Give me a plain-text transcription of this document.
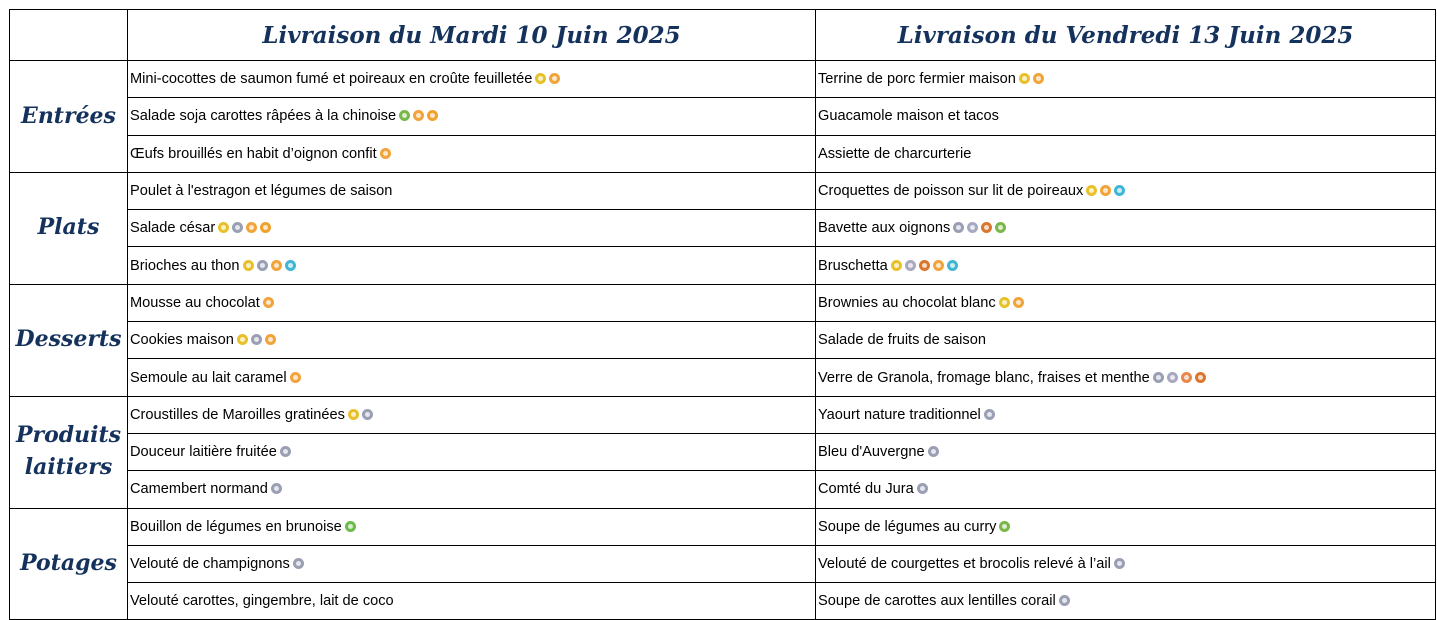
	Livraison du Mardi 10 Juin 2025	Livraison du Vendredi 13 Juin 2025
Entrées	Mini-cocottes de saumon fumé et poireaux en croûte feuilletée	Terrine de porc fermier maison
	Salade soja carottes râpées à la chinoise	Guacamole maison et tacos
	Œufs brouillés en habit d’oignon confit	Assiette de charcurterie
Plats	Poulet à l'estragon et légumes de saison	Croquettes de poisson sur lit de poireaux
	Salade césar	Bavette aux oignons
	Brioches au thon	Bruschetta
Desserts	Mousse au chocolat	Brownies au chocolat blanc
	Cookies maison	Salade de fruits de saison
	Semoule au lait caramel	Verre de Granola, fromage blanc, fraises et menthe
Produits laitiers	Croustilles de Maroilles gratinées	Yaourt nature traditionnel
	Douceur laitière fruitée	Bleu d'Auvergne
	Camembert normand	Comté du Jura
Potages	Bouillon de légumes en brunoise	Soupe de légumes au curry
	Velouté de champignons	Velouté de courgettes et brocolis relevé à l’ail
	Velouté carottes, gingembre, lait de coco	Soupe de carottes aux lentilles corail
